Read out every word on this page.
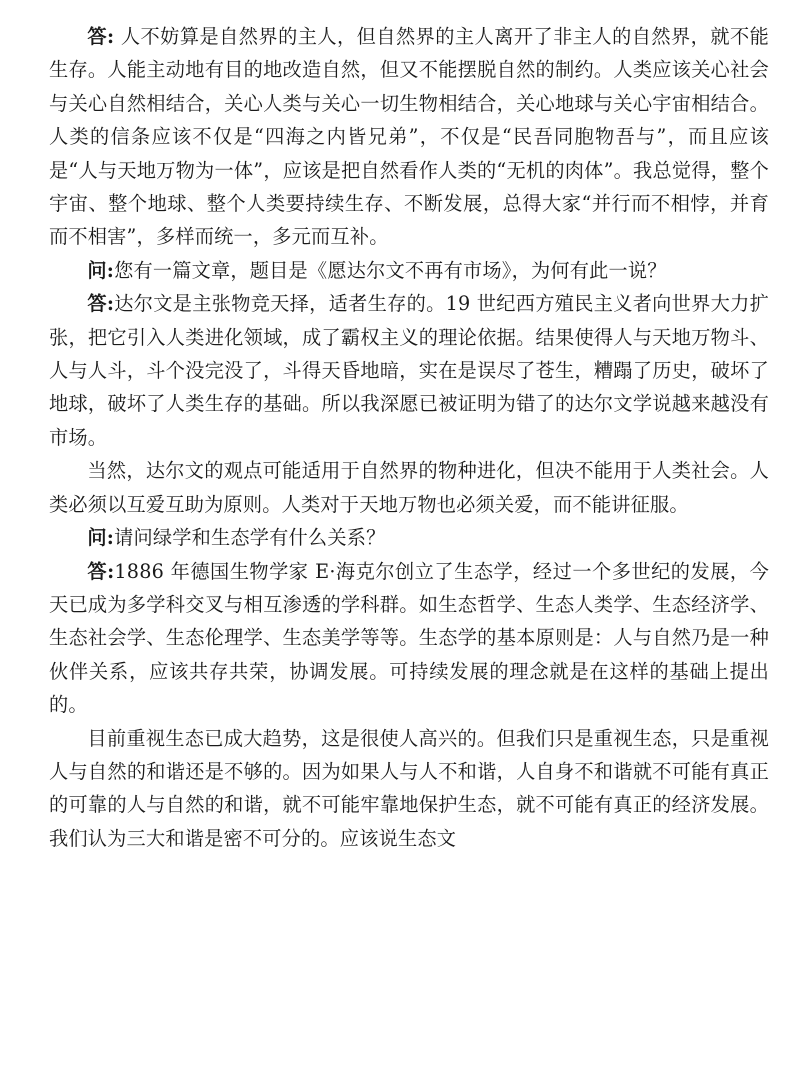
答: 人不妨算是自然界的主人，但自然界的主人离开了非主人的自然界，就不能生存。人能主动地有目的地改造自然，但又不能摆脱自然的制约。人类应该关心社会与关心自然相结合，关心人类与关心一切生物相结合，关心地球与关心宇宙相结合。人类的信条应该不仅是“四海之内皆兄弟”，不仅是“民吾同胞物吾与”，而且应该是“人与天地万物为一体”，应该是把自然看作人类的“无机的肉体”。我总觉得，整个宇宙、整个地球、整个人类要持续生存、不断发展，总得大家“并行而不相悖，并育而不相害”，多样而统一，多元而互补。

问:您有一篇文章，题目是《愿达尔文不再有市场》，为何有此一说？

答:达尔文是主张物竞天择，适者生存的。19 世纪西方殖民主义者向世界大力扩张，把它引入人类进化领域，成了霸权主义的理论依据。结果使得人与天地万物斗、人与人斗，斗个没完没了，斗得天昏地暗，实在是误尽了苍生，糟蹋了历史，破坏了地球，破坏了人类生存的基础。所以我深愿已被证明为错了的达尔文学说越来越没有市场。

当然，达尔文的观点可能适用于自然界的物种进化，但决不能用于人类社会。人类必须以互爱互助为原则。人类对于天地万物也必须关爱，而不能讲征服。

问:请问绿学和生态学有什么关系？

答:1886 年德国生物学家 E·海克尔创立了生态学，经过一个多世纪的发展，今天已成为多学科交叉与相互渗透的学科群。如生态哲学、生态人类学、生态经济学、生态社会学、生态伦理学、生态美学等等。生态学的基本原则是：人与自然乃是一种伙伴关系，应该共存共荣，协调发展。可持续发展的理念就是在这样的基础上提出的。

目前重视生态已成大趋势，这是很使人高兴的。但我们只是重视生态，只是重视人与自然的和谐还是不够的。因为如果人与人不和谐，人自身不和谐就不可能有真正的可靠的人与自然的和谐，就不可能牢靠地保护生态，就不可能有真正的经济发展。我们认为三大和谐是密不可分的。应该说生态文
